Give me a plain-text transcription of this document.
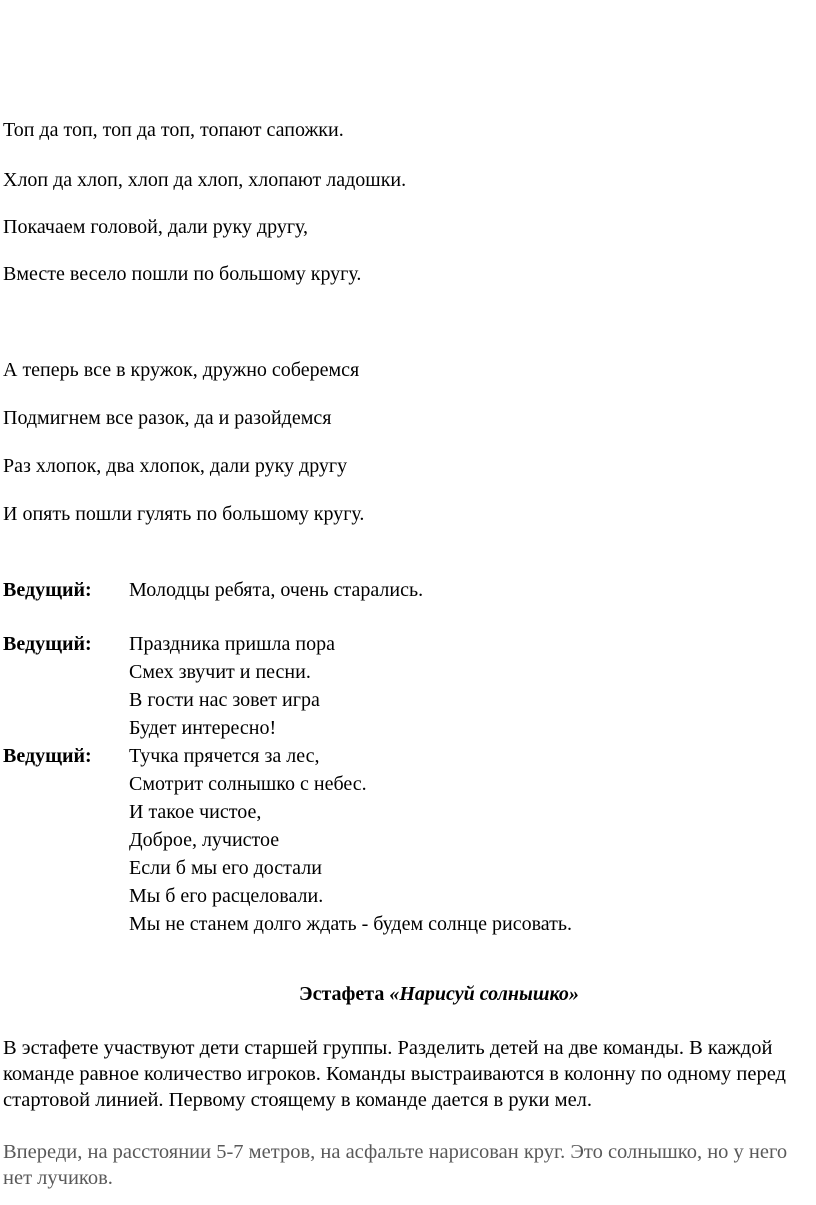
Топ да топ, топ да топ, топают сапожки.

Хлоп да хлоп, хлоп да хлоп, хлопают ладошки.

Покачаем головой, дали руку другу,

Вместе весело пошли по большому кругу.

А теперь все в кружок, дружно соберемся

Подмигнем все разок, да и разойдемся

Раз хлопок, два хлопок, дали руку другу

И опять пошли гулять по большому кругу.

Ведущий: Молодцы ребята, очень старались.
Ведущий: Праздника пришла пора
Смех звучит и песни.
В гости нас зовет игра
Будет интересно!
Ведущий: Тучка прячется за лес,
Смотрит солнышко с небес.
И такое чистое,
Доброе, лучистое
Если б мы его достали
Мы б его расцеловали.
Мы не станем долго ждать - будем солнце рисовать.
Эстафета «Нарисуй солнышко»

В эстафете участвуют дети старшей группы. Разделить детей на две команды. В каждой команде равное количество игроков. Команды выстраиваются в колонну по одному перед стартовой линией. Первому стоящему в команде дается в руки мел.

Впереди, на расстоянии 5-7 метров, на асфальте нарисован круг. Это солнышко, но у него нет лучиков.
